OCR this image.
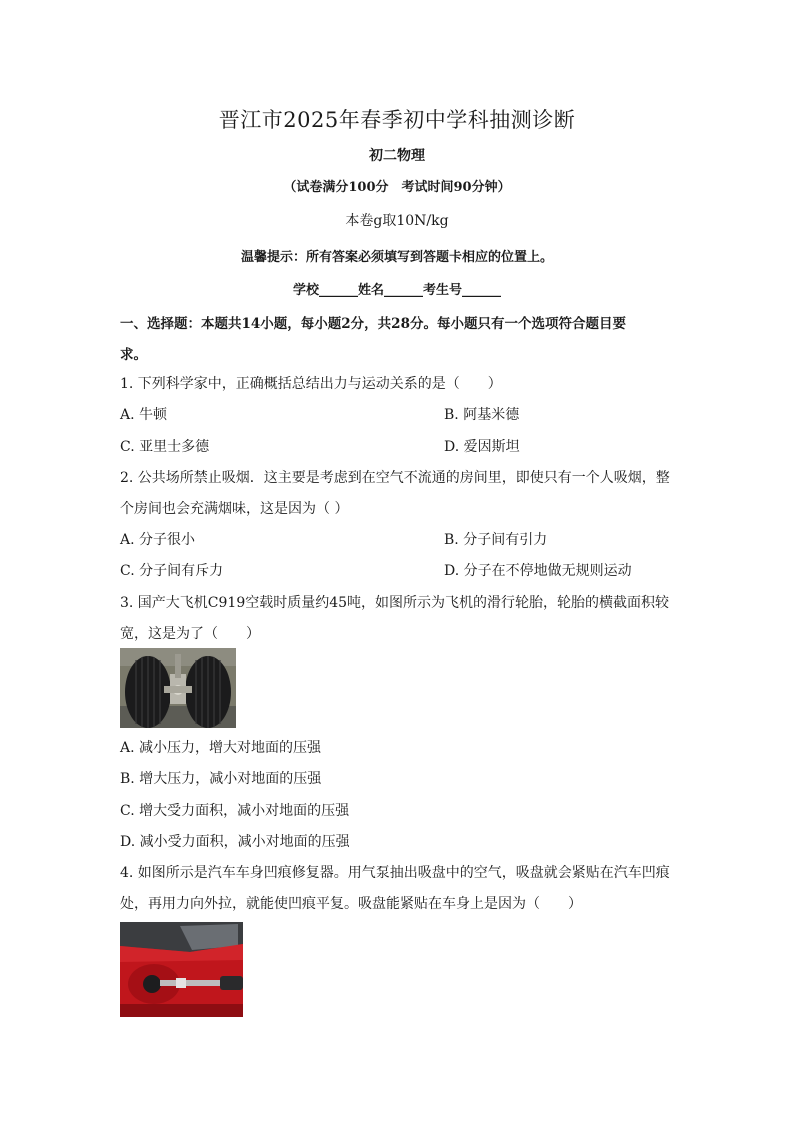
晋江市2025年春季初中学科抽测诊断
初二物理
（试卷满分100分　考试时间90分钟）
本卷g取10N/kg
温馨提示：所有答案必须填写到答题卡相应的位置上。
学校______姓名______考生号______
一、选择题：本题共14小题，每小题2分，共28分。每小题只有一个选项符合题目要
求。
1. 下列科学家中，正确概括总结出力与运动关系的是（　　）
A. 牛顿	B. 阿基米德
C. 亚里士多德	D. 爱因斯坦
2. 公共场所禁止吸烟．这主要是考虑到在空气不流通的房间里，即使只有一个人吸烟，整
个房间也会充满烟味，这是因为（ ）
A. 分子很小	B. 分子间有引力
C. 分子间有斥力	D. 分子在不停地做无规则运动
3. 国产大飞机C919空载时质量约45吨，如图所示为飞机的滑行轮胎，轮胎的横截面积较
宽，这是为了（　　）
A. 减小压力，增大对地面的压强
B. 增大压力，减小对地面的压强
C. 增大受力面积，减小对地面的压强
D. 减小受力面积，减小对地面的压强
4. 如图所示是汽车车身凹痕修复器。用气泵抽出吸盘中的空气，吸盘就会紧贴在汽车凹痕
处，再用力向外拉，就能使凹痕平复。吸盘能紧贴在车身上是因为（　　）
